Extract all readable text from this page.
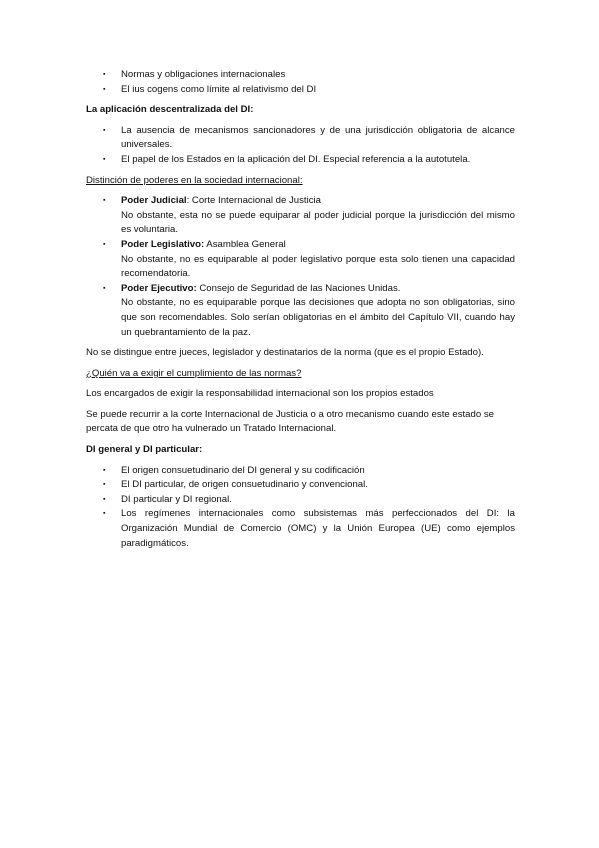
▪ Normas y obligaciones internacionales
▪ El ius cogens como límite al relativismo del DI

La aplicación descentralizada del DI:

▪ La ausencia de mecanismos sancionadores y de una jurisdicción obligatoria de alcance universales.
▪ El papel de los Estados en la aplicación del DI. Especial referencia a la autotutela.

Distinción de poderes en la sociedad internacional:

▪ Poder Judicial: Corte Internacional de Justicia
No obstante, esta no se puede equiparar al poder judicial porque la jurisdicción del mismo es voluntaria.
▪ Poder Legislativo: Asamblea General
No obstante, no es equiparable al poder legislativo porque esta solo tienen una capacidad recomendatoria.
▪ Poder Ejecutivo: Consejo de Seguridad de las Naciones Unidas.
No obstante, no es equiparable porque las decisiones que adopta no son obligatorias, sino que son recomendables. Solo serían obligatorias en el ámbito del Capítulo VII, cuando hay un quebrantamiento de la paz.

No se distingue entre jueces, legislador y destinatarios de la norma (que es el propio Estado).

¿Quién va a exigir el cumplimiento de las normas?

Los encargados de exigir la responsabilidad internacional son los propios estados

Se puede recurrir a la corte Internacional de Justicia o a otro mecanismo cuando este estado se percata de que otro ha vulnerado un Tratado Internacional.

DI general y DI particular:

▪ El origen consuetudinario del DI general y su codificación
▪ El DI particular, de origen consuetudinario y convencional.
▪ DI particular y DI regional.
▪ Los regímenes internacionales como subsistemas más perfeccionados del DI: la Organización Mundial de Comercio (OMC) y la Unión Europea (UE) como ejemplos paradigmáticos.
